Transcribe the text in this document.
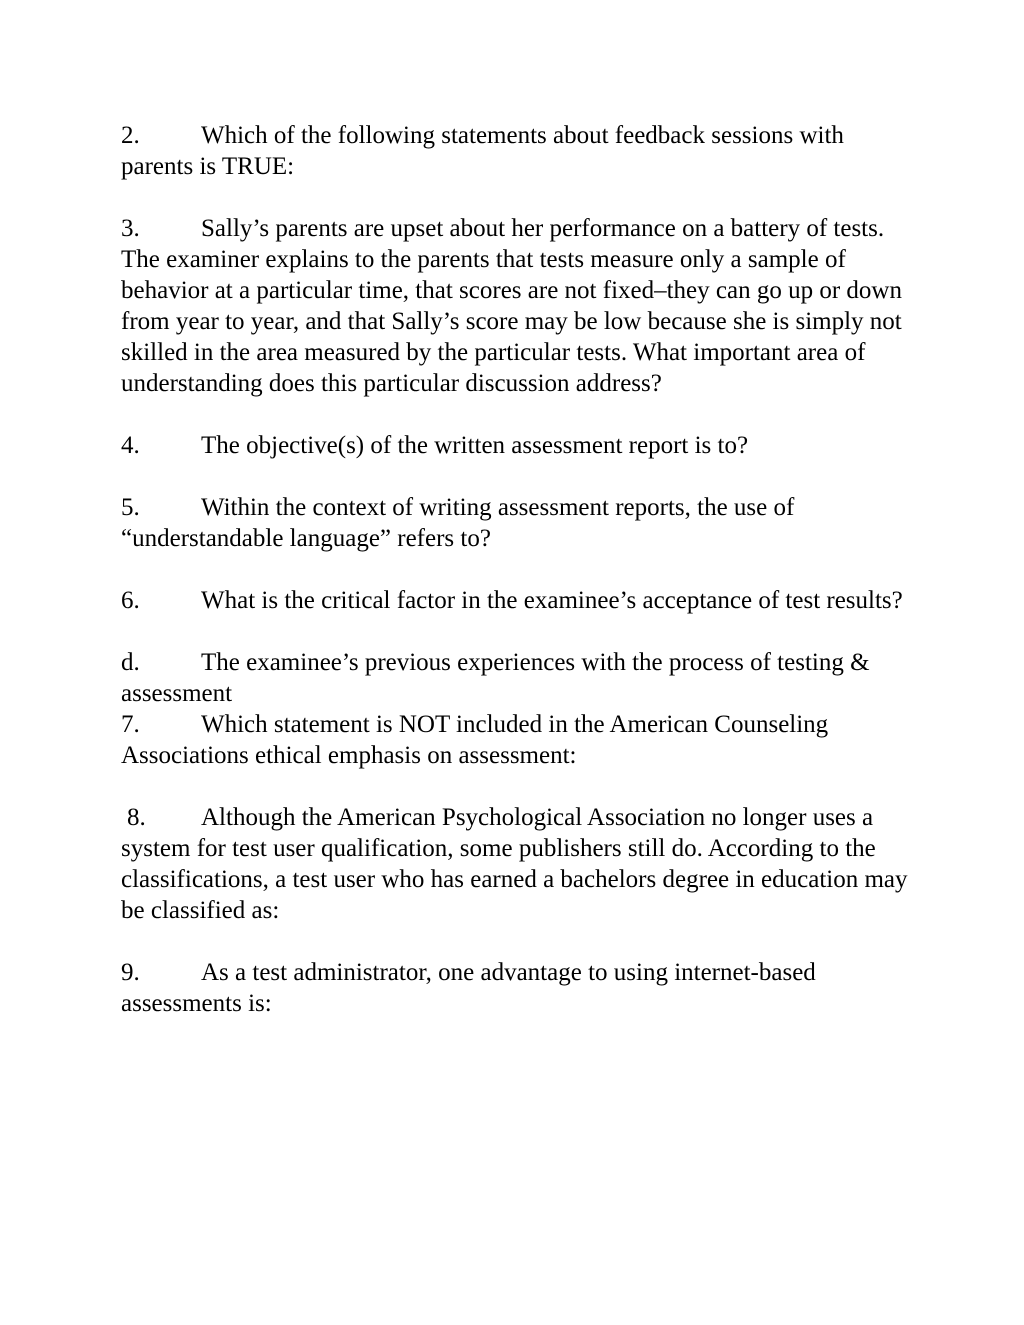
2. Which of the following statements about feedback sessions with parents is TRUE:

3. Sally’s parents are upset about her performance on a battery of tests. The examiner explains to the parents that tests measure only a sample of behavior at a particular time, that scores are not fixed–they can go up or down from year to year, and that Sally’s score may be low because she is simply not skilled in the area measured by the particular tests. What important area of understanding does this particular discussion address?

4. The objective(s) of the written assessment report is to?

5. Within the context of writing assessment reports, the use of “understandable language” refers to?

6. What is the critical factor in the examinee’s acceptance of test results?

d. The examinee’s previous experiences with the process of testing & assessment

7. Which statement is NOT included in the American Counseling Associations ethical emphasis on assessment:

8. Although the American Psychological Association no longer uses a system for test user qualification, some publishers still do. According to the classifications, a test user who has earned a bachelors degree in education may be classified as:

9. As a test administrator, one advantage to using internet-based assessments is:
